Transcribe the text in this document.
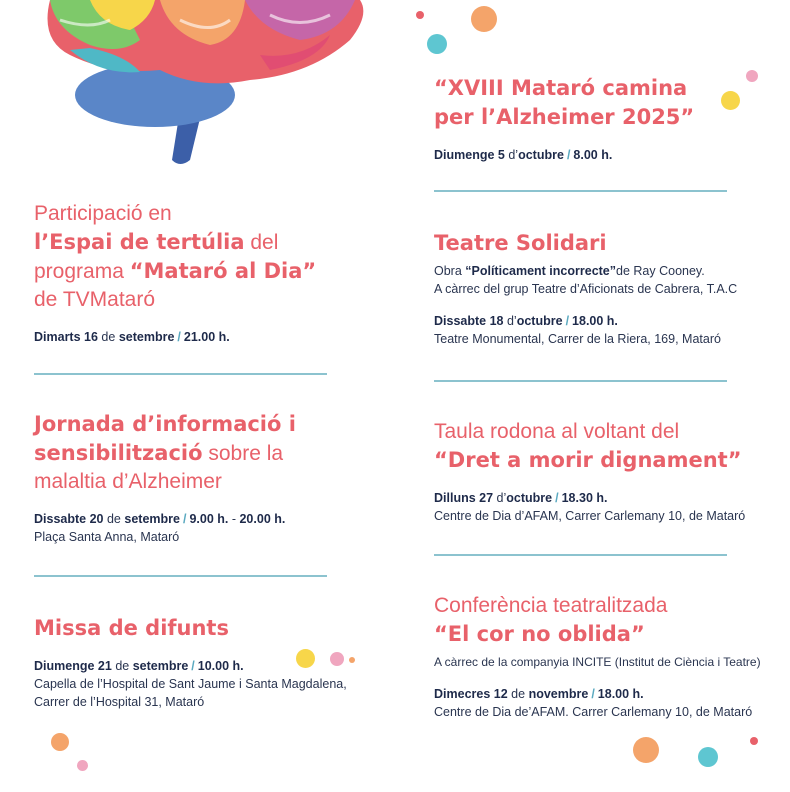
Participació en
l’Espai de tertúlia del
programa “Mataró al Dia”
de TVMataró

Dimarts 16 de setembre / 21.00 h.

Jornada d’informació i
sensibilització sobre la
malaltia d’Alzheimer

Dissabte 20 de setembre / 9.00 h. - 20.00 h.
Plaça Santa Anna, Mataró

Missa de difunts

Diumenge 21 de setembre / 10.00 h.
Capella de l’Hospital de Sant Jaume i Santa Magdalena,
Carrer de l’Hospital 31, Mataró

“XVIII Mataró camina
per l’Alzheimer 2025”

Diumenge 5 d’octubre / 8.00 h.

Teatre Solidari

Obra “Políticament incorrecte”de Ray Cooney.
A càrrec del grup Teatre d’Aficionats de Cabrera, T.A.C
Dissabte 18 d’octubre / 18.00 h.
Teatre Monumental, Carrer de la Riera, 169, Mataró

Taula rodona al voltant del
“Dret a morir dignament”

Dilluns 27 d’octubre / 18.30 h.
Centre de Dia d’AFAM, Carrer Carlemany 10, de Mataró

Conferència teatralitzada
“El cor no oblida”

A càrrec de la companyia INCITE (Institut de Ciència i Teatre)
Dimecres 12 de novembre / 18.00 h.
Centre de Dia de’AFAM. Carrer Carlemany 10, de Mataró
